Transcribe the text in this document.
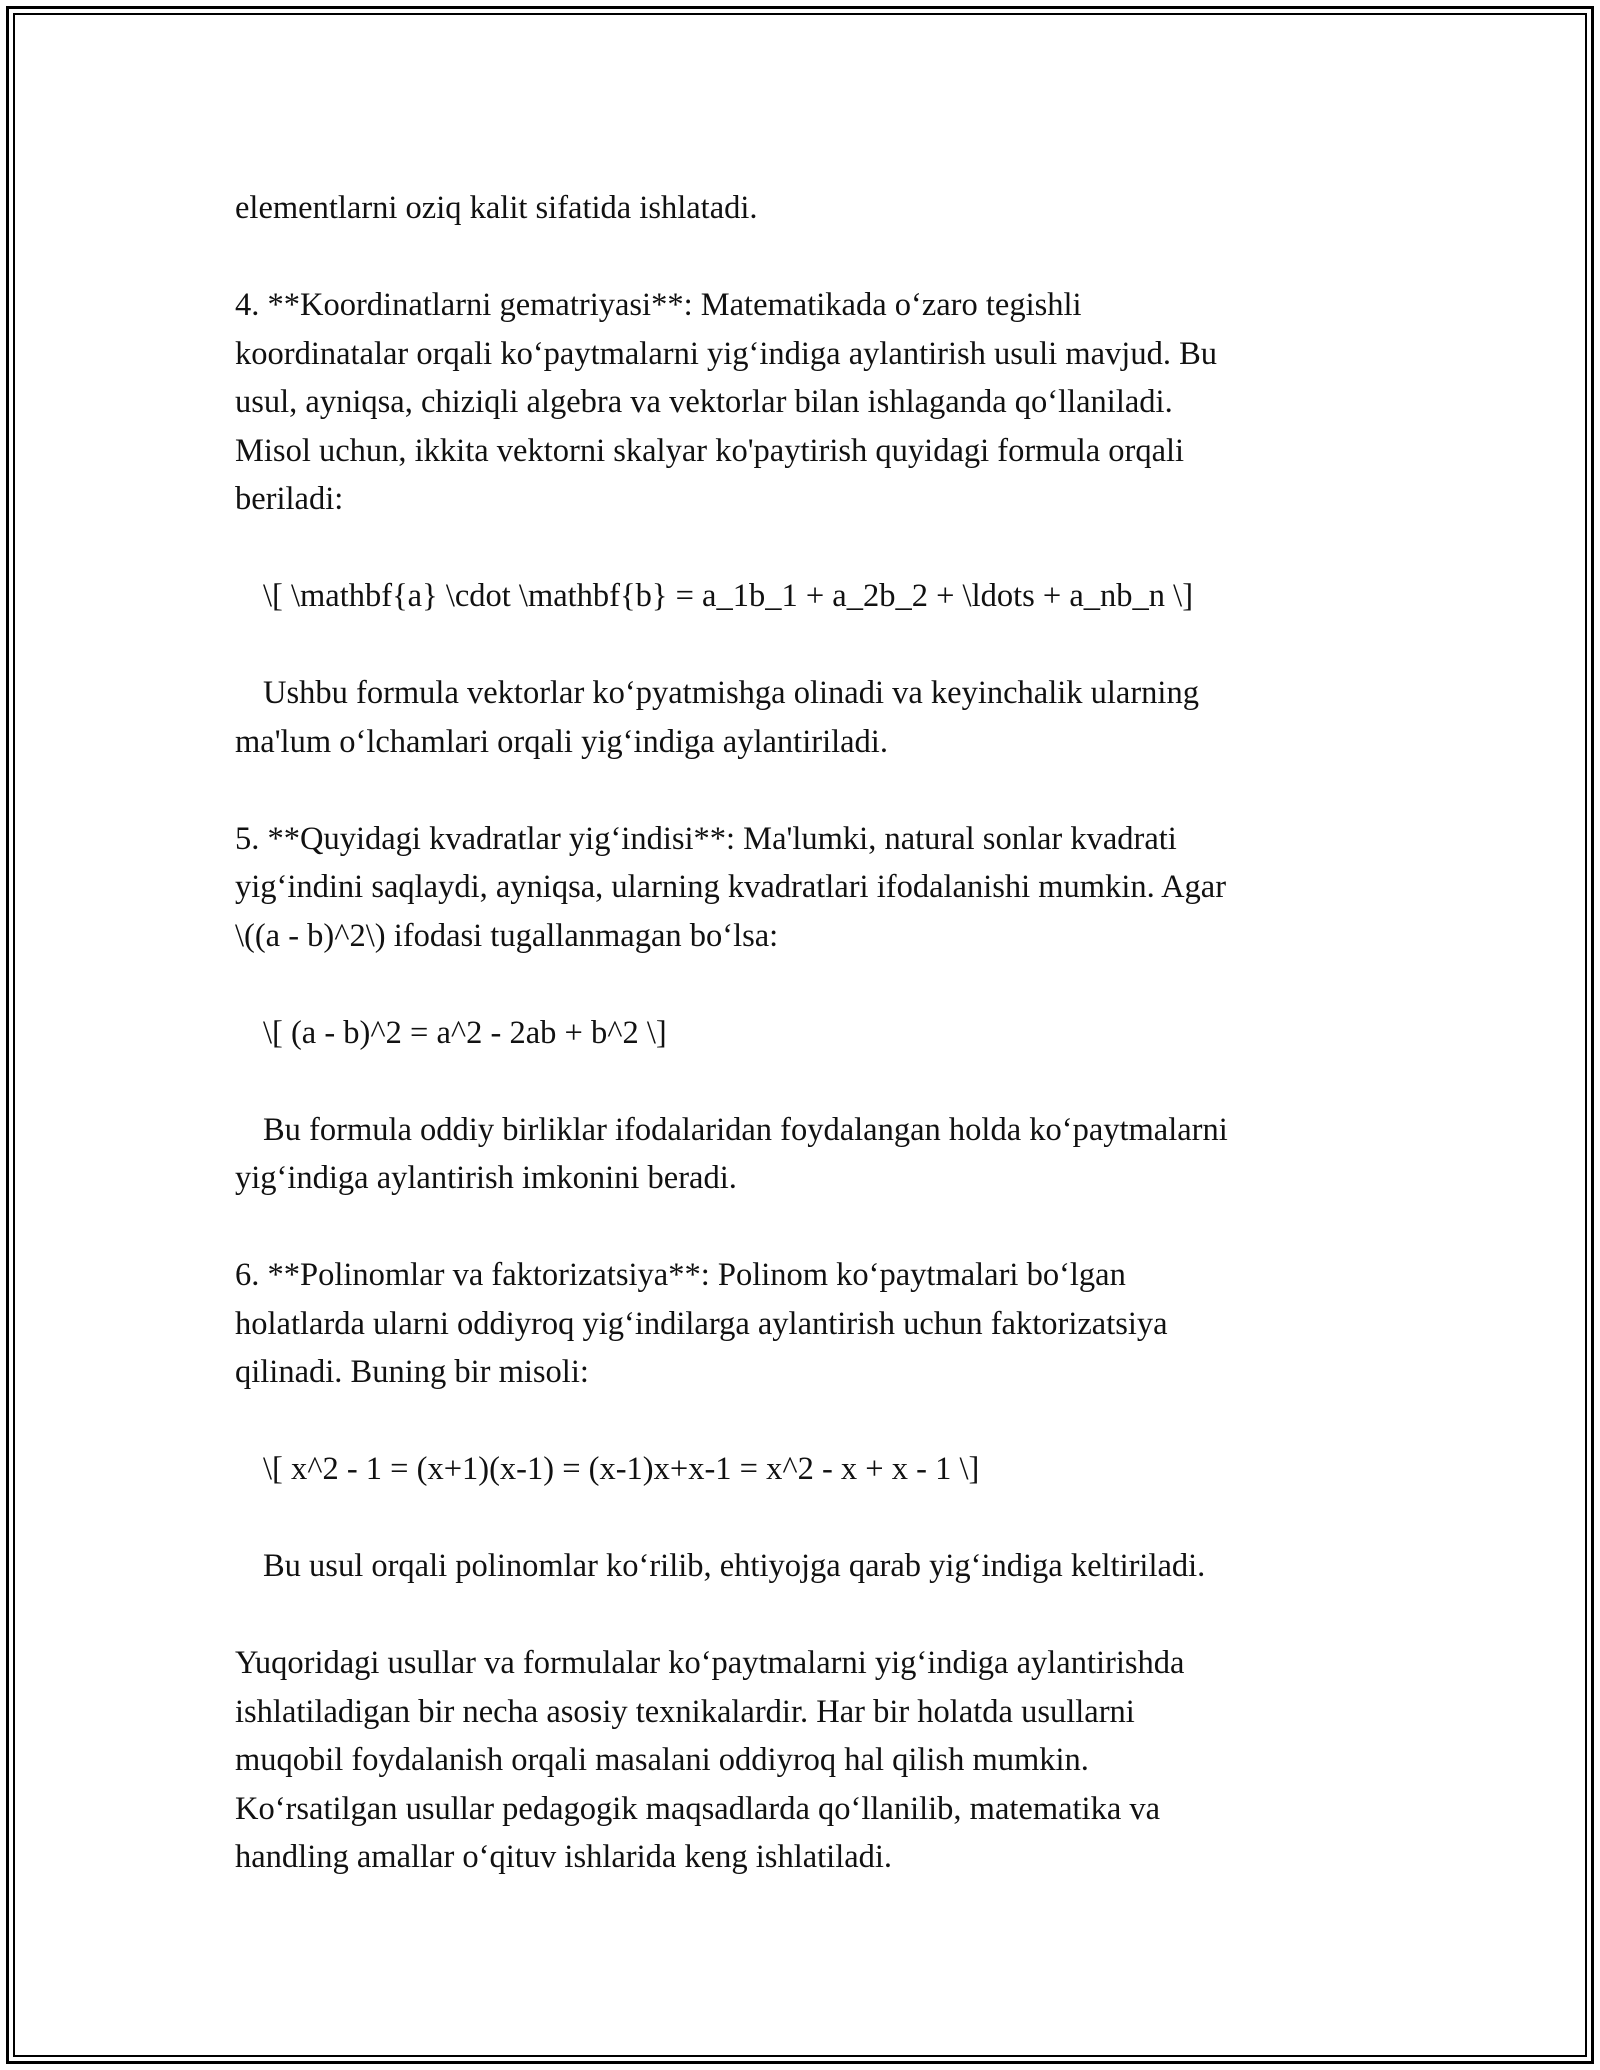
elementlarni oziq kalit sifatida ishlatadi.
4. **Koordinatlarni gematriyasi**: Matematikada oʻzaro tegishli
koordinatalar orqali koʻpaytmalarni yigʻindiga aylantirish usuli mavjud. Bu
usul, ayniqsa, chiziqli algebra va vektorlar bilan ishlaganda qoʻllaniladi.
Misol uchun, ikkita vektorni skalyar ko'paytirish quyidagi formula orqali
beriladi:
\[ \mathbf{a} \cdot \mathbf{b} = a_1b_1 + a_2b_2 + \ldots + a_nb_n \]
Ushbu formula vektorlar koʻpyatmishga olinadi va keyinchalik ularning
ma'lum oʻlchamlari orqali yigʻindiga aylantiriladi.
5. **Quyidagi kvadratlar yigʻindisi**: Ma'lumki, natural sonlar kvadrati
yigʻindini saqlaydi, ayniqsa, ularning kvadratlari ifodalanishi mumkin. Agar
\((a - b)^2\) ifodasi tugallanmagan boʻlsa:
\[ (a - b)^2 = a^2 - 2ab + b^2 \]
Bu formula oddiy birliklar ifodalaridan foydalangan holda koʻpaytmalarni
yigʻindiga aylantirish imkonini beradi.
6. **Polinomlar va faktorizatsiya**: Polinom koʻpaytmalari boʻlgan
holatlarda ularni oddiyroq yigʻindilarga aylantirish uchun faktorizatsiya
qilinadi. Buning bir misoli:
\[ x^2 - 1 = (x+1)(x-1) = (x-1)x+x-1 = x^2 - x + x - 1 \]
Bu usul orqali polinomlar koʻrilib, ehtiyojga qarab yigʻindiga keltiriladi.
Yuqoridagi usullar va formulalar koʻpaytmalarni yigʻindiga aylantirishda
ishlatiladigan bir necha asosiy texnikalardir. Har bir holatda usullarni
muqobil foydalanish orqali masalani oddiyroq hal qilish mumkin.
Koʻrsatilgan usullar pedagogik maqsadlarda qoʻllanilib, matematika va
handling amallar oʻqituv ishlarida keng ishlatiladi.
